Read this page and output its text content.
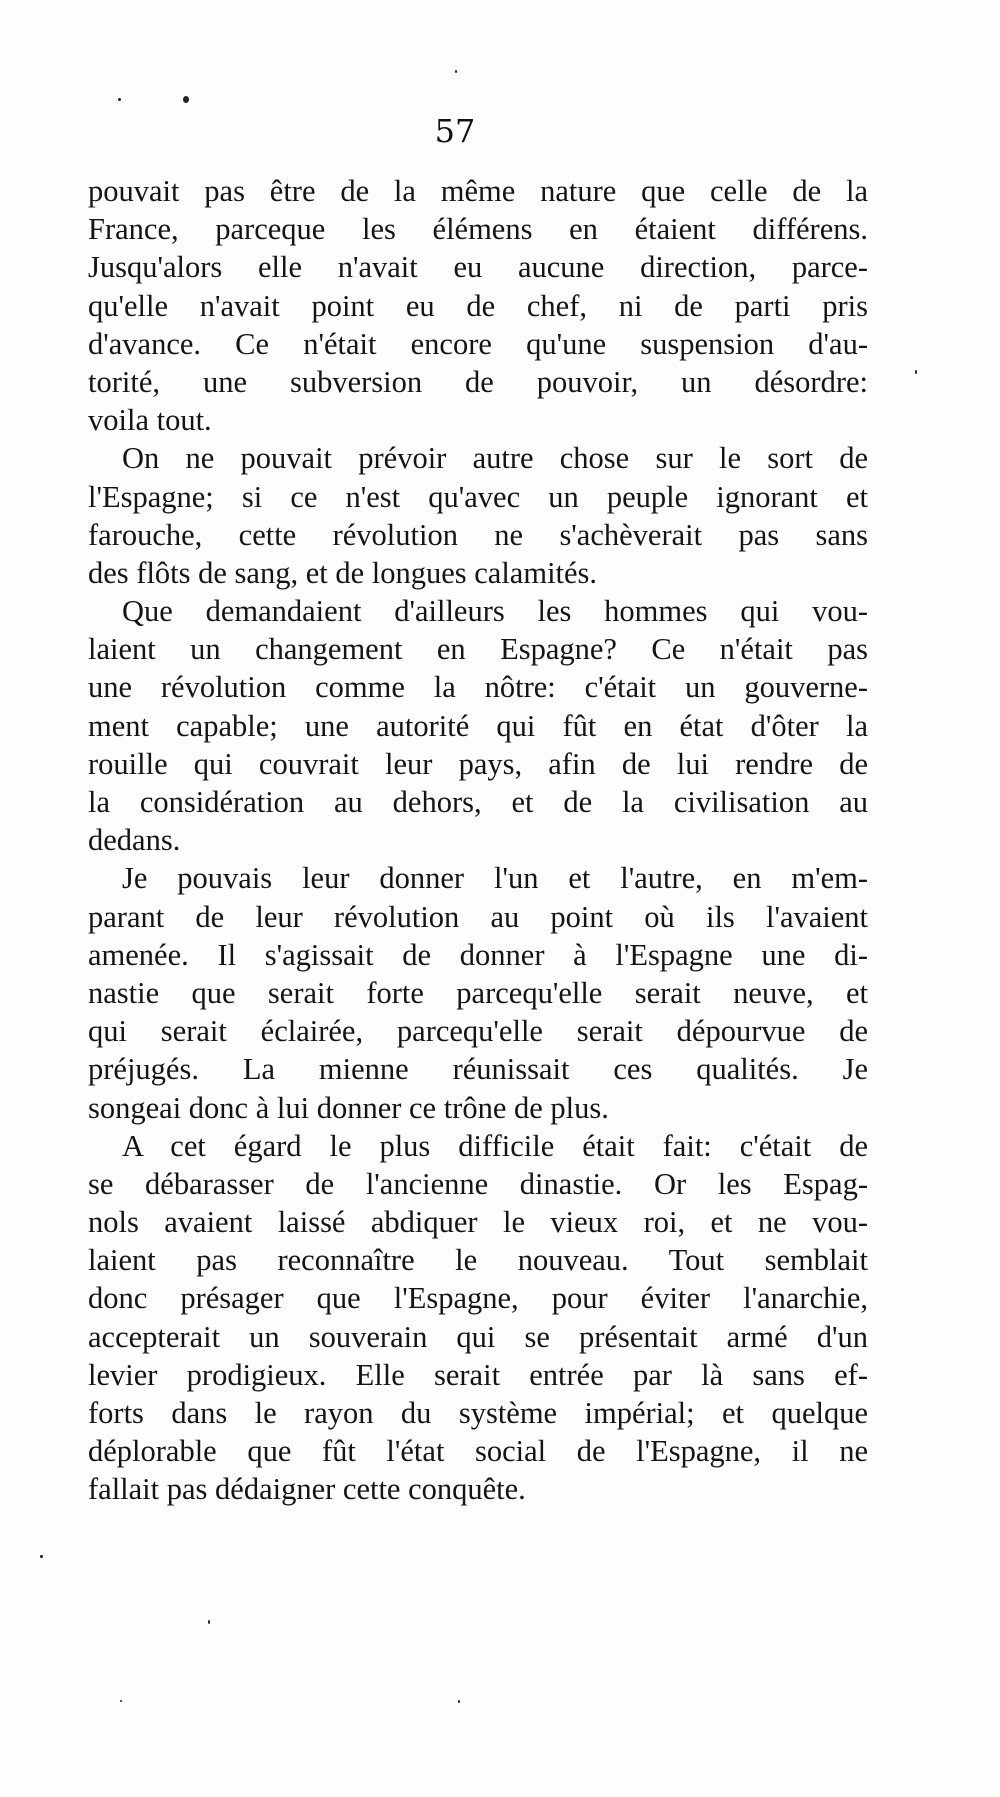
57
pouvait pas être de la même nature que celle de la
France, parceque les élémens en étaient différens.
Jusqu'alors elle n'avait eu aucune direction, parce-
qu'elle n'avait point eu de chef, ni de parti pris
d'avance. Ce n'était encore qu'une suspension d'au-
torité, une subversion de pouvoir, un désordre:
voila tout.
On ne pouvait prévoir autre chose sur le sort de
l'Espagne; si ce n'est qu'avec un peuple ignorant et
farouche, cette révolution ne s'achèverait pas sans
des flôts de sang, et de longues calamités.
Que demandaient d'ailleurs les hommes qui vou-
laient un changement en Espagne? Ce n'était pas
une révolution comme la nôtre: c'était un gouverne-
ment capable; une autorité qui fût en état d'ôter la
rouille qui couvrait leur pays, afin de lui rendre de
la considération au dehors, et de la civilisation au
dedans.
Je pouvais leur donner l'un et l'autre, en m'em-
parant de leur révolution au point où ils l'avaient
amenée. Il s'agissait de donner à l'Espagne une di-
nastie que serait forte parcequ'elle serait neuve, et
qui serait éclairée, parcequ'elle serait dépourvue de
préjugés. La mienne réunissait ces qualités. Je
songeai donc à lui donner ce trône de plus.
A cet égard le plus difficile était fait: c'était de
se débarasser de l'ancienne dinastie. Or les Espag-
nols avaient laissé abdiquer le vieux roi, et ne vou-
laient pas reconnaître le nouveau. Tout semblait
donc présager que l'Espagne, pour éviter l'anarchie,
accepterait un souverain qui se présentait armé d'un
levier prodigieux. Elle serait entrée par là sans ef-
forts dans le rayon du système impérial; et quelque
déplorable que fût l'état social de l'Espagne, il ne
fallait pas dédaigner cette conquête.
